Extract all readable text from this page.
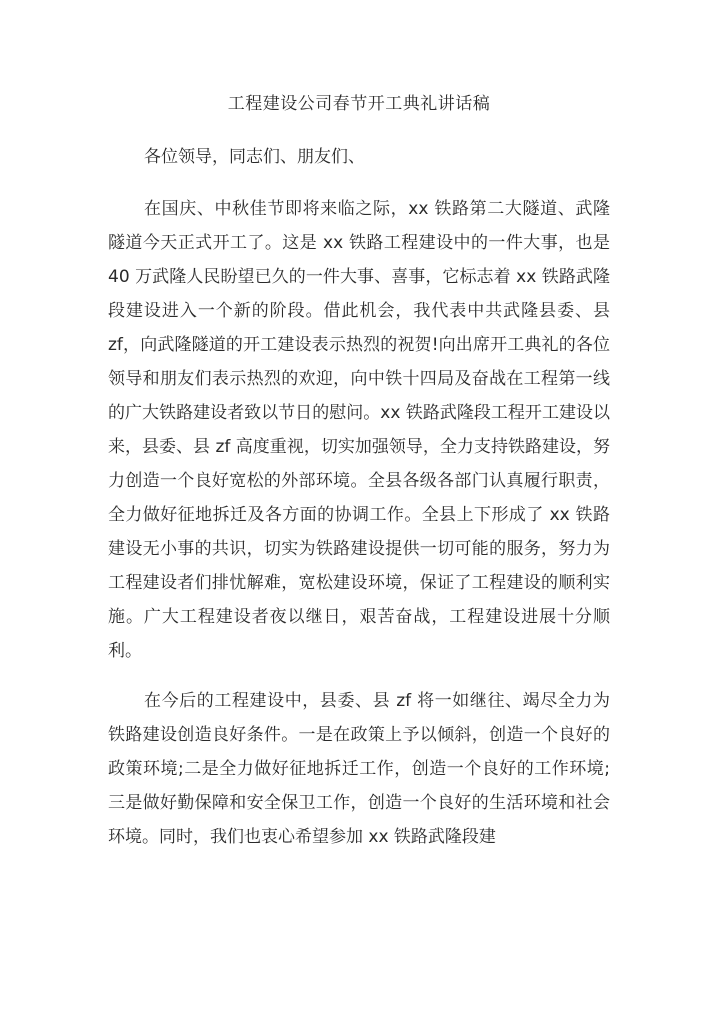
工程建设公司春节开工典礼讲话稿

各位领导，同志们、朋友们、

在国庆、中秋佳节即将来临之际，xx 铁路第二大隧道、武隆隧道今天正式开工了。这是 xx 铁路工程建设中的一件大事，也是 40 万武隆人民盼望已久的一件大事、喜事，它标志着 xx 铁路武隆段建设进入一个新的阶段。借此机会，我代表中共武隆县委、县 zf，向武隆隧道的开工建设表示热烈的祝贺!向出席开工典礼的各位领导和朋友们表示热烈的欢迎，向中铁十四局及奋战在工程第一线的广大铁路建设者致以节日的慰问。xx 铁路武隆段工程开工建设以来，县委、县 zf 高度重视，切实加强领导，全力支持铁路建设，努力创造一个良好宽松的外部环境。全县各级各部门认真履行职责，全力做好征地拆迁及各方面的协调工作。全县上下形成了 xx 铁路建设无小事的共识，切实为铁路建设提供一切可能的服务，努力为工程建设者们排忧解难，宽松建设环境，保证了工程建设的顺利实施。广大工程建设者夜以继日，艰苦奋战，工程建设进展十分顺利。

在今后的工程建设中，县委、县 zf 将一如继往、竭尽全力为铁路建设创造良好条件。一是在政策上予以倾斜，创造一个良好的政策环境;二是全力做好征地拆迁工作，创造一个良好的工作环境;三是做好勤保障和安全保卫工作，创造一个良好的生活环境和社会环境。同时，我们也衷心希望参加 xx 铁路武隆段建
